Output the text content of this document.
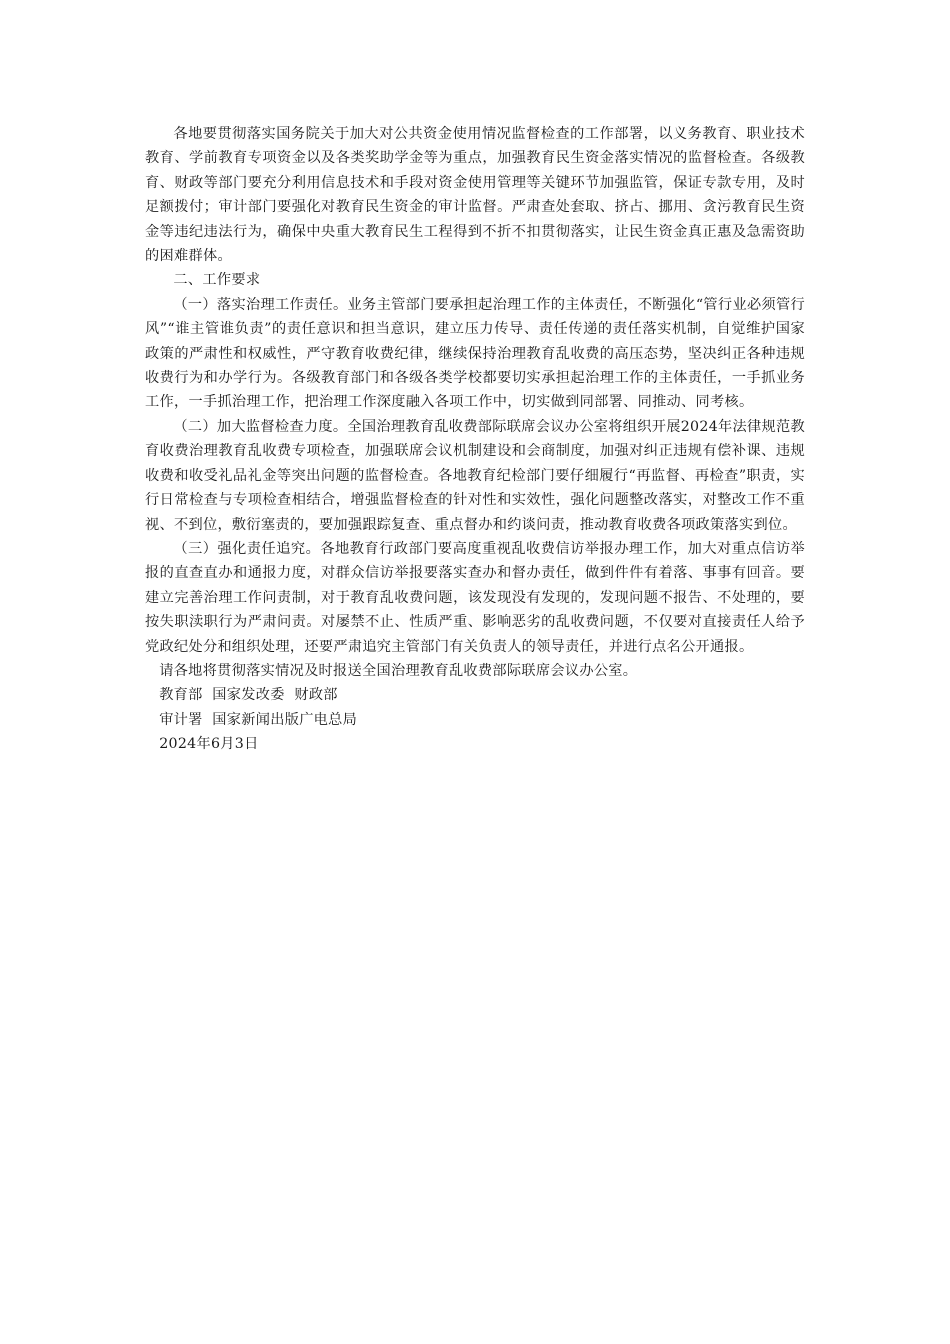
各地要贯彻落实国务院关于加大对公共资金使用情况监督检查的工作部署，以义务教育、职业技术教育、学前教育专项资金以及各类奖助学金等为重点，加强教育民生资金落实情况的监督检查。各级教育、财政等部门要充分利用信息技术和手段对资金使用管理等关键环节加强监管，保证专款专用，及时足额拨付；审计部门要强化对教育民生资金的审计监督。严肃查处套取、挤占、挪用、贪污教育民生资金等违纪违法行为，确保中央重大教育民生工程得到不折不扣贯彻落实，让民生资金真正惠及急需资助的困难群体。

二、工作要求

（一）落实治理工作责任。业务主管部门要承担起治理工作的主体责任，不断强化“管行业必须管行风”“谁主管谁负责”的责任意识和担当意识，建立压力传导、责任传递的责任落实机制，自觉维护国家政策的严肃性和权威性，严守教育收费纪律，继续保持治理教育乱收费的高压态势，坚决纠正各种违规收费行为和办学行为。各级教育部门和各级各类学校都要切实承担起治理工作的主体责任，一手抓业务工作，一手抓治理工作，把治理工作深度融入各项工作中，切实做到同部署、同推动、同考核。

（二）加大监督检查力度。全国治理教育乱收费部际联席会议办公室将组织开展2024年法律规范教育收费治理教育乱收费专项检查，加强联席会议机制建设和会商制度，加强对纠正违规有偿补课、违规收费和收受礼品礼金等突出问题的监督检查。各地教育纪检部门要仔细履行“再监督、再检查”职责，实行日常检查与专项检查相结合，增强监督检查的针对性和实效性，强化问题整改落实，对整改工作不重视、不到位，敷衍塞责的，要加强跟踪复查、重点督办和约谈问责，推动教育收费各项政策落实到位。

（三）强化责任追究。各地教育行政部门要高度重视乱收费信访举报办理工作，加大对重点信访举报的直查直办和通报力度，对群众信访举报要落实查办和督办责任，做到件件有着落、事事有回音。要建立完善治理工作问责制，对于教育乱收费问题，该发现没有发现的，发现问题不报告、不处理的，要按失职渎职行为严肃问责。对屡禁不止、性质严重、影响恶劣的乱收费问题，不仅要对直接责任人给予党政纪处分和组织处理，还要严肃追究主管部门有关负责人的领导责任，并进行点名公开通报。

请各地将贯彻落实情况及时报送全国治理教育乱收费部际联席会议办公室。

教育部  国家发改委  财政部

审计署  国家新闻出版广电总局

2024年6月3日
